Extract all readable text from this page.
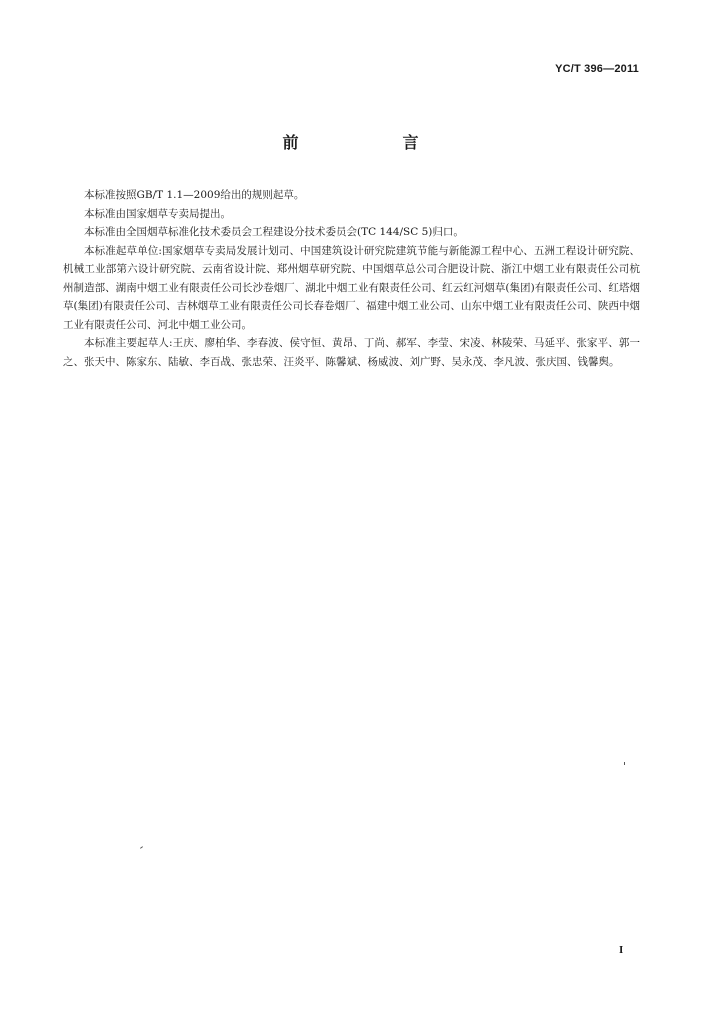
YC/T 396—2011
前　言

本标准按照GB/T 1.1—2009给出的规则起草。

本标准由国家烟草专卖局提出。

本标准由全国烟草标准化技术委员会工程建设分技术委员会(TC 144/SC 5)归口。

本标准起草单位:国家烟草专卖局发展计划司、中国建筑设计研究院建筑节能与新能源工程中心、五洲工程设计研究院、机械工业部第六设计研究院、云南省设计院、郑州烟草研究院、中国烟草总公司合肥设计院、浙江中烟工业有限责任公司杭州制造部、湖南中烟工业有限责任公司长沙卷烟厂、湖北中烟工业有限责任公司、红云红河烟草(集团)有限责任公司、红塔烟草(集团)有限责任公司、吉林烟草工业有限责任公司长春卷烟厂、福建中烟工业公司、山东中烟工业有限责任公司、陕西中烟工业有限责任公司、河北中烟工业公司。

本标准主要起草人:王庆、廖柏华、李春波、侯守恒、黄昂、丁尚、郝军、李莹、宋凌、林陵荣、马延平、张家平、郭一之、张天中、陈家东、陆敏、李百战、张忠荣、汪炎平、陈馨斌、杨威波、刘广野、吴永茂、李凡波、张庆国、钱馨舆。

I
